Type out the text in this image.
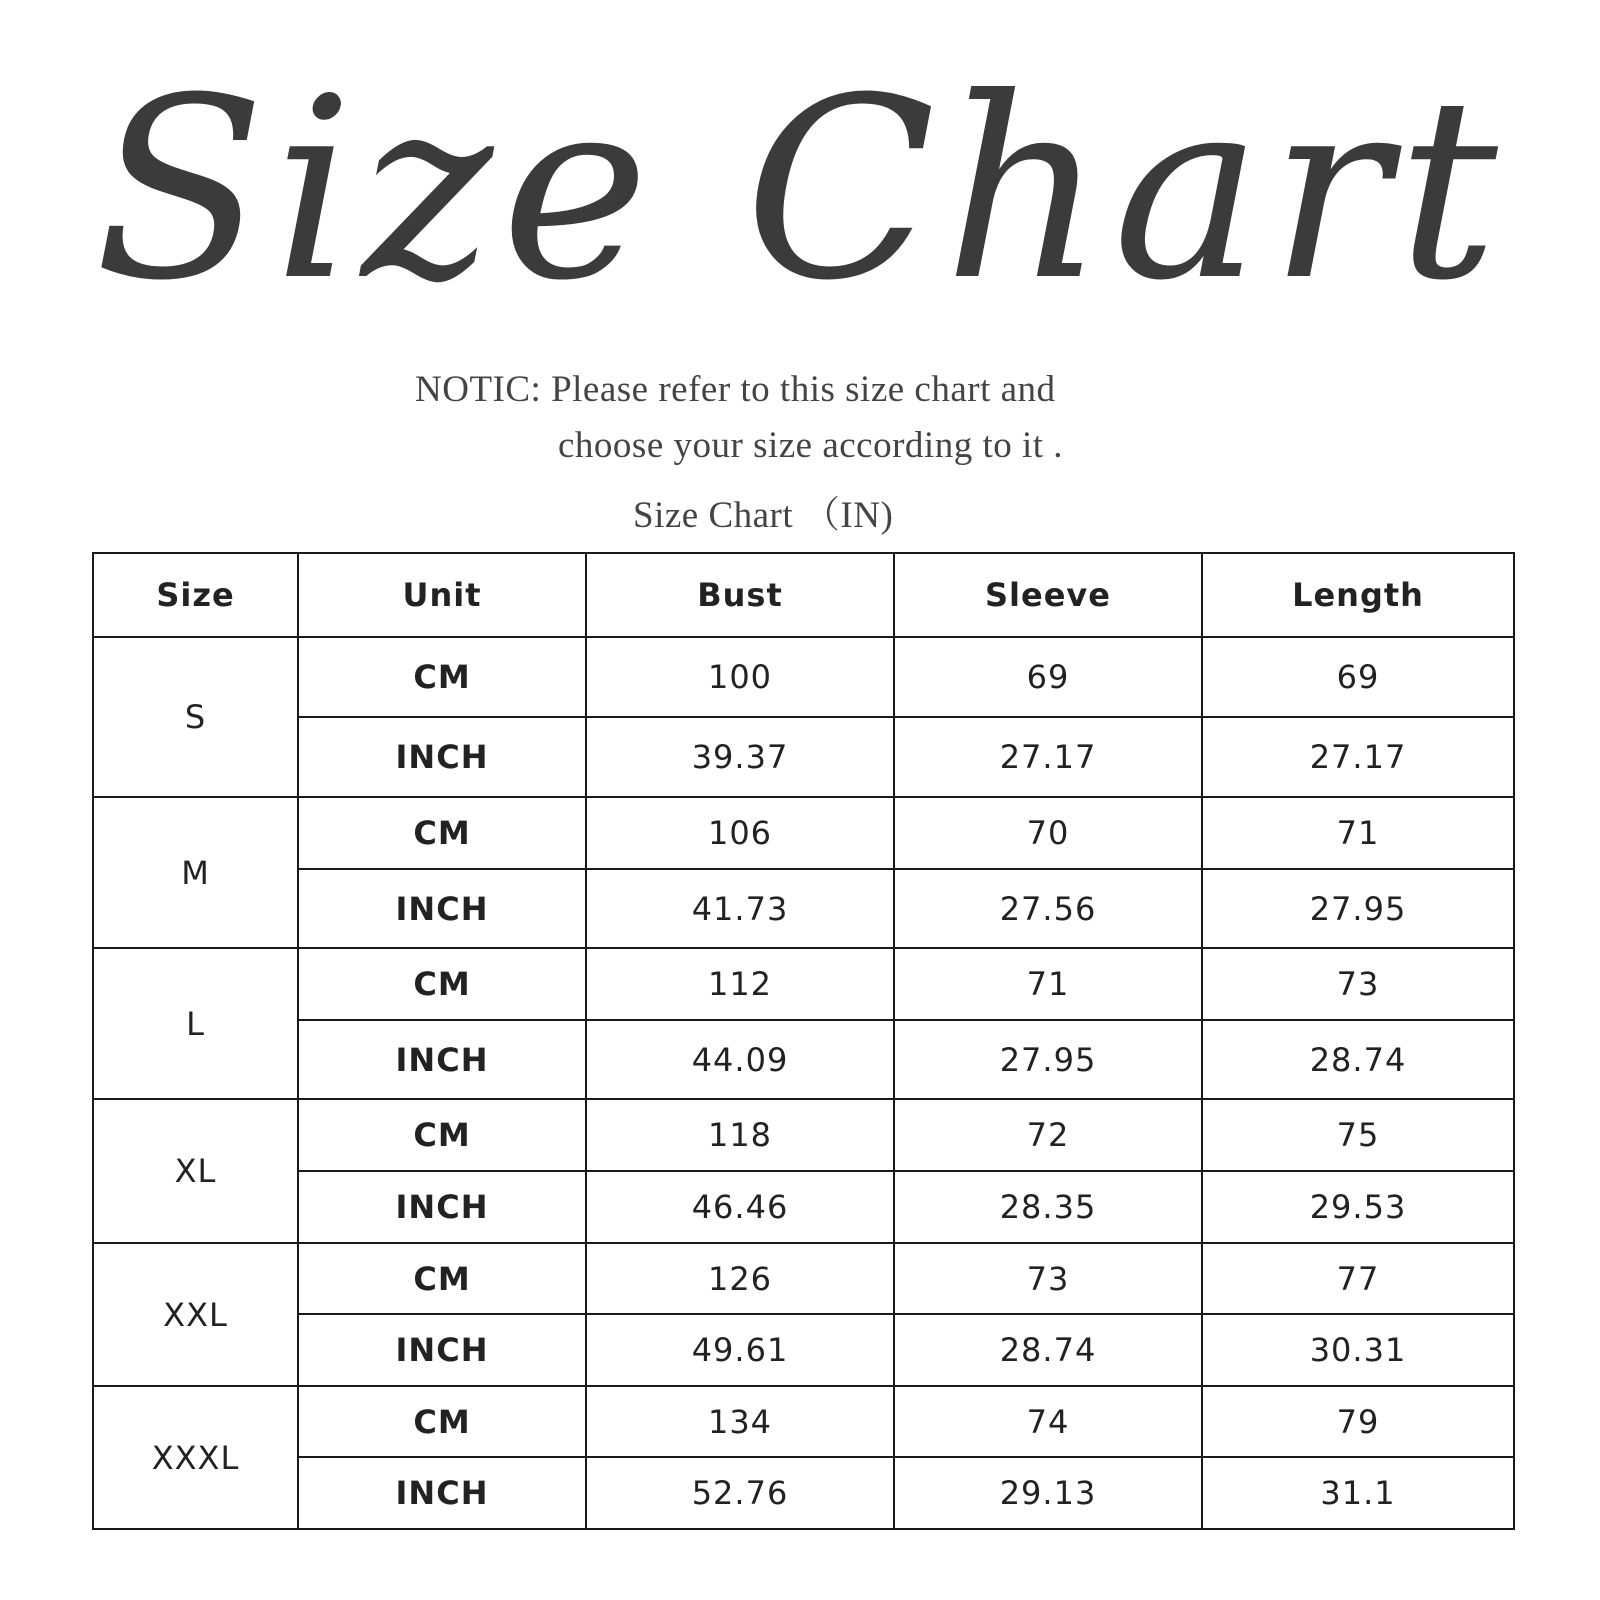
Size Chart
NOTIC: Please refer to this size chart and
choose your size according to it .
Size Chart （IN)
Size	Unit	Bust	Sleeve	Length
S	CM	100	69	69
	INCH	39.37	27.17	27.17
M	CM	106	70	71
	INCH	41.73	27.56	27.95
L	CM	112	71	73
	INCH	44.09	27.95	28.74
XL	CM	118	72	75
	INCH	46.46	28.35	29.53
XXL	CM	126	73	77
	INCH	49.61	28.74	30.31
XXXL	CM	134	74	79
	INCH	52.76	29.13	31.1
